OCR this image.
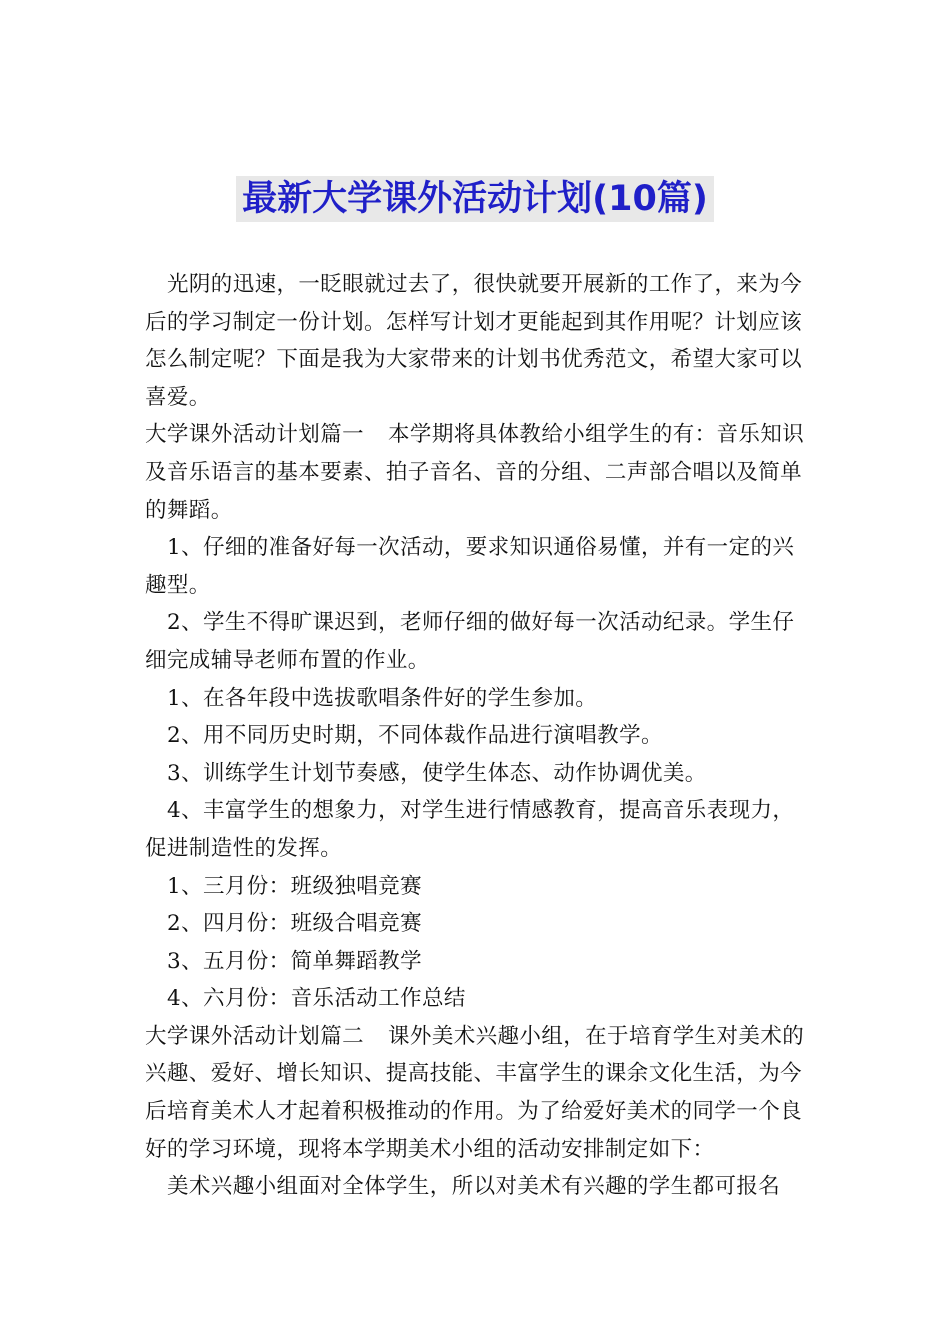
最新大学课外活动计划(10篇)

光阴的迅速，一眨眼就过去了，很快就要开展新的工作了，来为今后的学习制定一份计划。怎样写计划才更能起到其作用呢？计划应该怎么制定呢？下面是我为大家带来的计划书优秀范文，希望大家可以喜爱。

大学课外活动计划篇一 本学期将具体教给小组学生的有：音乐知识及音乐语言的基本要素、拍子音名、音的分组、二声部合唱以及简单的舞蹈。

1、仔细的准备好每一次活动，要求知识通俗易懂，并有一定的兴趣型。

2、学生不得旷课迟到，老师仔细的做好每一次活动纪录。学生仔细完成辅导老师布置的作业。

1、在各年段中选拔歌唱条件好的学生参加。

2、用不同历史时期，不同体裁作品进行演唱教学。

3、训练学生计划节奏感，使学生体态、动作协调优美。

4、丰富学生的想象力，对学生进行情感教育，提高音乐表现力，促进制造性的发挥。

1、三月份：班级独唱竞赛

2、四月份：班级合唱竞赛

3、五月份：简单舞蹈教学

4、六月份：音乐活动工作总结

大学课外活动计划篇二 课外美术兴趣小组，在于培育学生对美术的兴趣、爱好、增长知识、提高技能、丰富学生的课余文化生活，为今后培育美术人才起着积极推动的作用。为了给爱好美术的同学一个良好的学习环境，现将本学期美术小组的活动安排制定如下：

美术兴趣小组面对全体学生，所以对美术有兴趣的学生都可报名
